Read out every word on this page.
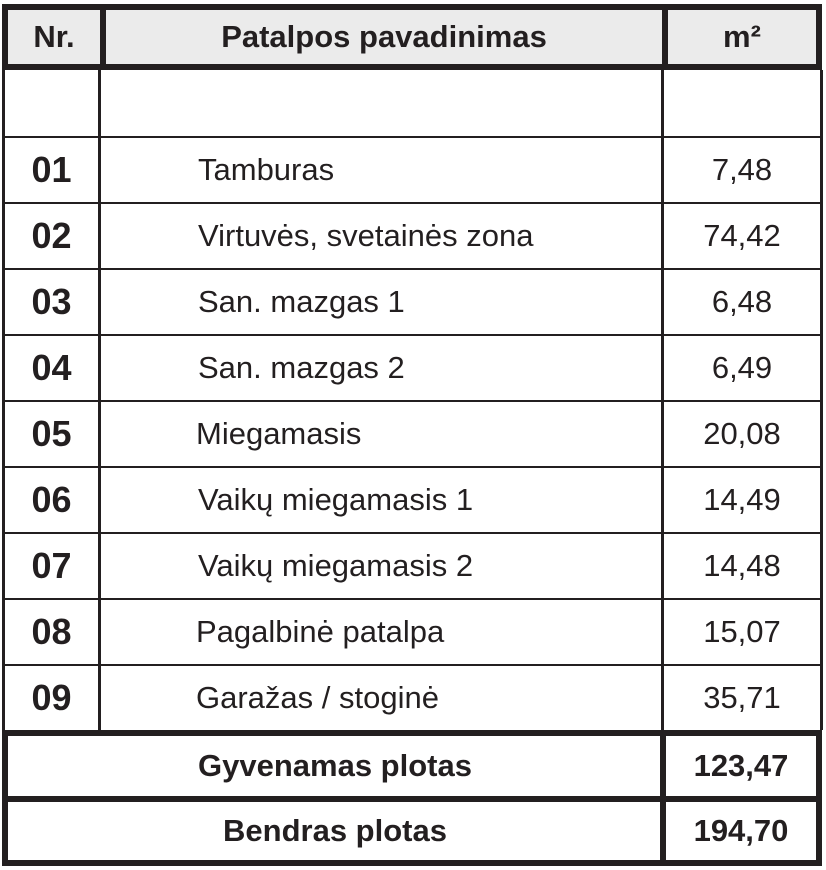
Nr.	Patalpos pavadinimas	m²
01	Tamburas	7,48
02	Virtuvės, svetainės zona	74,42
03	San. mazgas 1	6,48
04	San. mazgas 2	6,49
05	Miegamasis	20,08
06	Vaikų miegamasis 1	14,49
07	Vaikų miegamasis 2	14,48
08	Pagalbinė patalpa	15,07
09	Garažas / stoginė	35,71
Gyvenamas plotas	123,47
Bendras plotas	194,70
